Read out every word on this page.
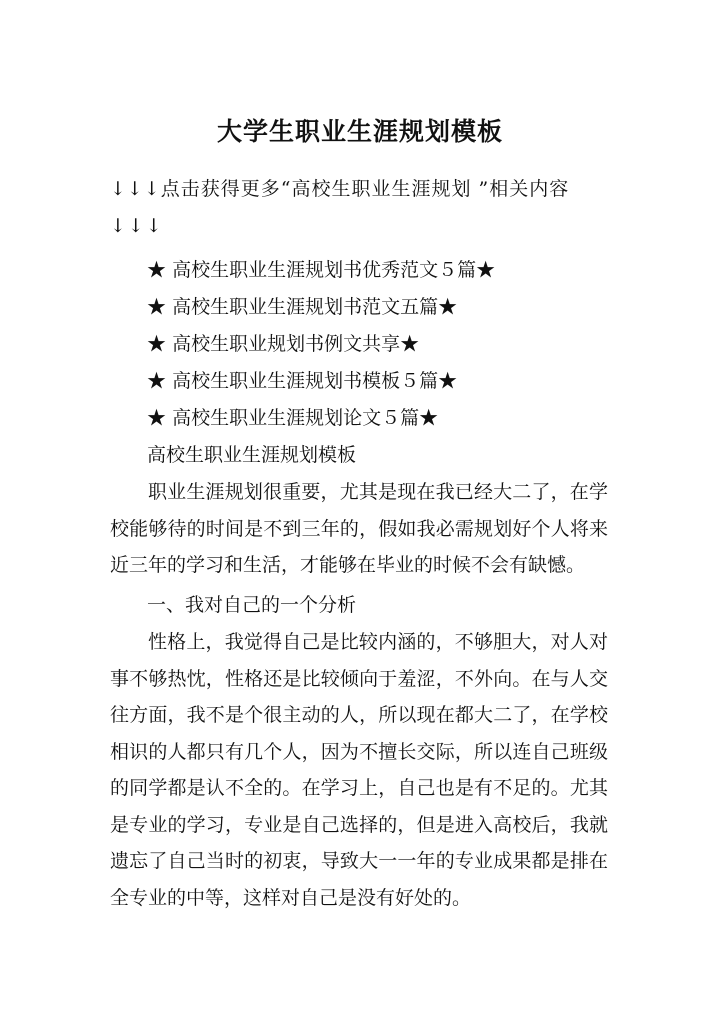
大学生职业生涯规划模板
↓↓↓点击获得更多“高校生职业生涯规划 ”相关内容
↓↓↓
★ 高校生职业生涯规划书优秀范文５篇★
★ 高校生职业生涯规划书范文五篇★
★ 高校生职业规划书例文共享★
★ 高校生职业生涯规划书模板５篇★
★ 高校生职业生涯规划论文５篇★
高校生职业生涯规划模板
职业生涯规划很重要，尤其是现在我已经大二了，在学校能够待的时间是不到三年的，假如我必需规划好个人将来近三年的学习和生活，才能够在毕业的时候不会有缺憾。
一、我对自己的一个分析
性格上，我觉得自己是比较内涵的，不够胆大，对人对事不够热忱，性格还是比较倾向于羞涩，不外向。在与人交往方面，我不是个很主动的人，所以现在都大二了，在学校相识的人都只有几个人，因为不擅长交际，所以连自己班级的同学都是认不全的。在学习上，自己也是有不足的。尤其是专业的学习，专业是自己选择的，但是进入高校后，我就遗忘了自己当时的初衷，导致大一一年的专业成果都是排在全专业的中等，这样对自己是没有好处的。
